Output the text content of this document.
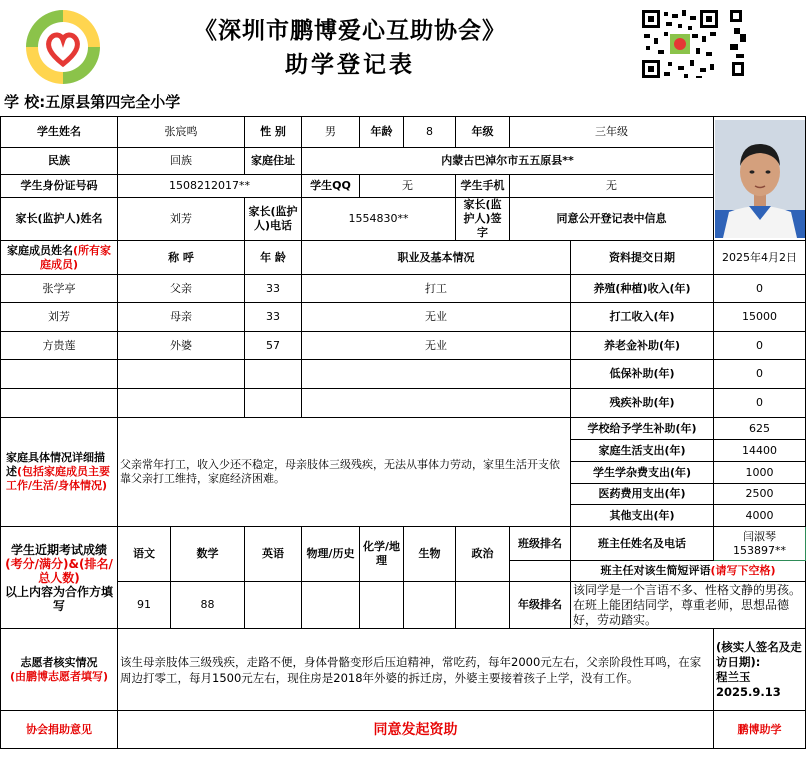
《深圳市鹏博爱心互助协会》
助学登记表
学 校:五原县第四完全小学
学生姓名	张宸鸣		性 别	男	年龄	8	年级	三年级	

民族	回族		家庭住址	内蒙古巴淖尔市五五原县**						
学生身份证号码	1508212017**			学生QQ	无		学生手机	无		
家长(监护人)姓名	刘芳		家长(监护人)电话	1554830**			家长(监护人)签字	同意公开登记表中信息		
家庭成员姓名(所有家庭成员)	称 呼		年 龄	职业及基本情况					资料提交日期	2025年4月2日
张学亭	父亲		33	打工					养殖(种植)收入(年)	0
刘芳	母亲		33	无业					打工收入(年)	15000
方贵莲	外婆		57	无业					养老金补助(年)	0
									低保补助(年)	0
									残疾补助(年)	0
家庭具体情况详细描述(包括家庭成员主要工作/生活/身体情况)	父亲常年打工，收入少还不稳定，母亲肢体三级残疾，无法从事体力劳动，家里生活开支依靠父亲打工维持，家庭经济困难。								学校给予学生补助(年)	625
									家庭生活支出(年)	14400
									学生学杂费支出(年)	1000
									医药费用支出(年)	2500
									其他支出(年)	4000
学生近期考试成绩
(考分/满分)&(排名/总人数)
以上内容为合作方填写	语文	数学	英语	物理/历史	化学/地理	生物	政治	班级排名	班主任姓名及电话	闫淑琴
153897**
									班主任对该生简短评语(请写下空格)	
	91	88						年级排名	该同学是一个言语不多、性格文静的男孩。在班上能团结同学，尊重老师，思想品德好，劳动踏实。	
志愿者核实情况
(由鹏博志愿者填写)	该生母亲肢体三级残疾，走路不便，身体骨骼变形后压迫精神，常吃药，每年2000元左右，父亲阶段性耳鸣，在家周边打零工，每月1500元左右，现住房是2018年外婆的拆迁房，外婆主要接着孩子上学，没有工作。									(核实人签名及走访日期):
程兰玉
2025.9.13
协会捐助意见	同意发起资助									鹏博助学
